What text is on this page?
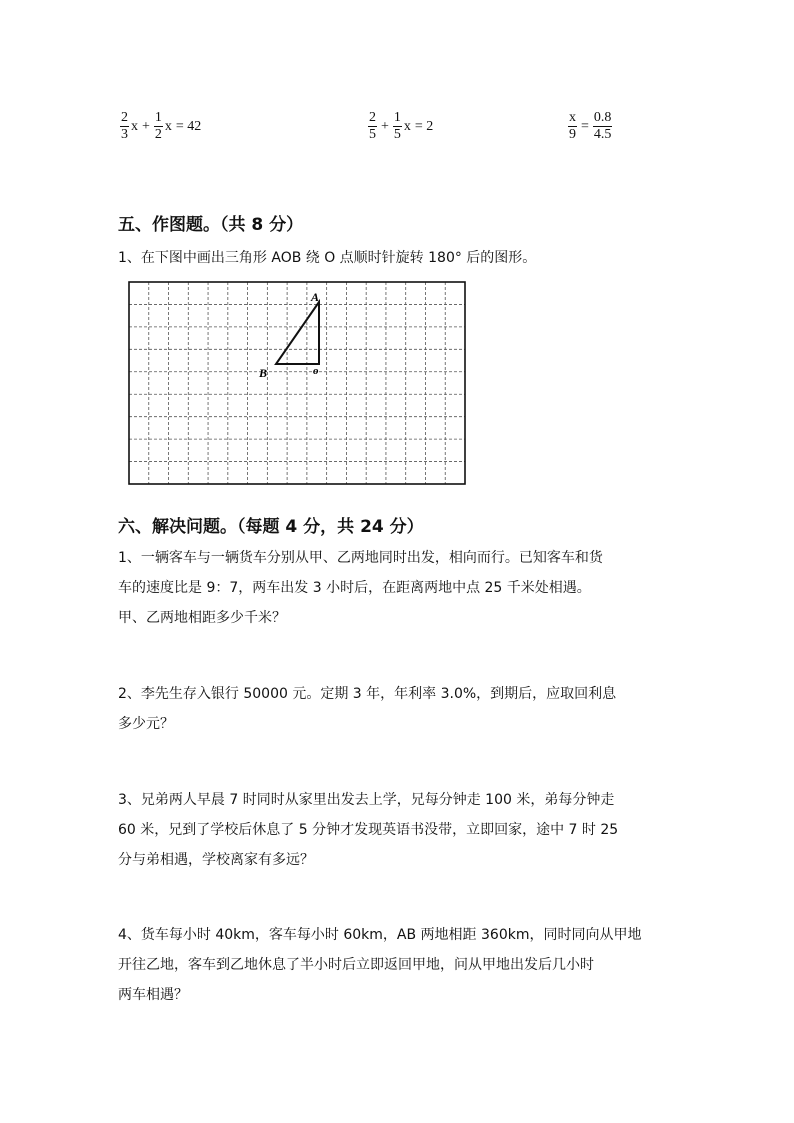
$\frac{2}{3}$ $x + \frac{1}{2}$ x = 42	$\frac{2}{5} + \frac{1}{5}$ x = 2	$\frac{x}{9} = \frac{0.8}{4.5}$
五、作图题。（共 8 分）

1、在下图中画出三角形 AOB 绕 O 点顺时针旋转 180° 后的图形。

A
B	o
六、解决问题。（每题 4 分，共 24 分）

1、一辆客车与一辆货车分别从甲、乙两地同时出发，相向而行。已知客车和货

车的速度比是 9：7，两车出发 3 小时后，在距离两地中点 25 千米处相遇。

甲、乙两地相距多少千米？

2、李先生存入银行 50000 元。定期 3 年，年利率 3.0%，到期后，应取回利息

多少元？

3、兄弟两人早晨 7 时同时从家里出发去上学，兄每分钟走 100 米，弟每分钟走

60 米，兄到了学校后休息了 5 分钟才发现英语书没带，立即回家，途中 7 时 25

分与弟相遇，学校离家有多远？

4、货车每小时 40km，客车每小时 60km，AB 两地相距 360km，同时同向从甲地

开往乙地，客车到乙地休息了半小时后立即返回甲地，问从甲地出发后几小时

两车相遇？
